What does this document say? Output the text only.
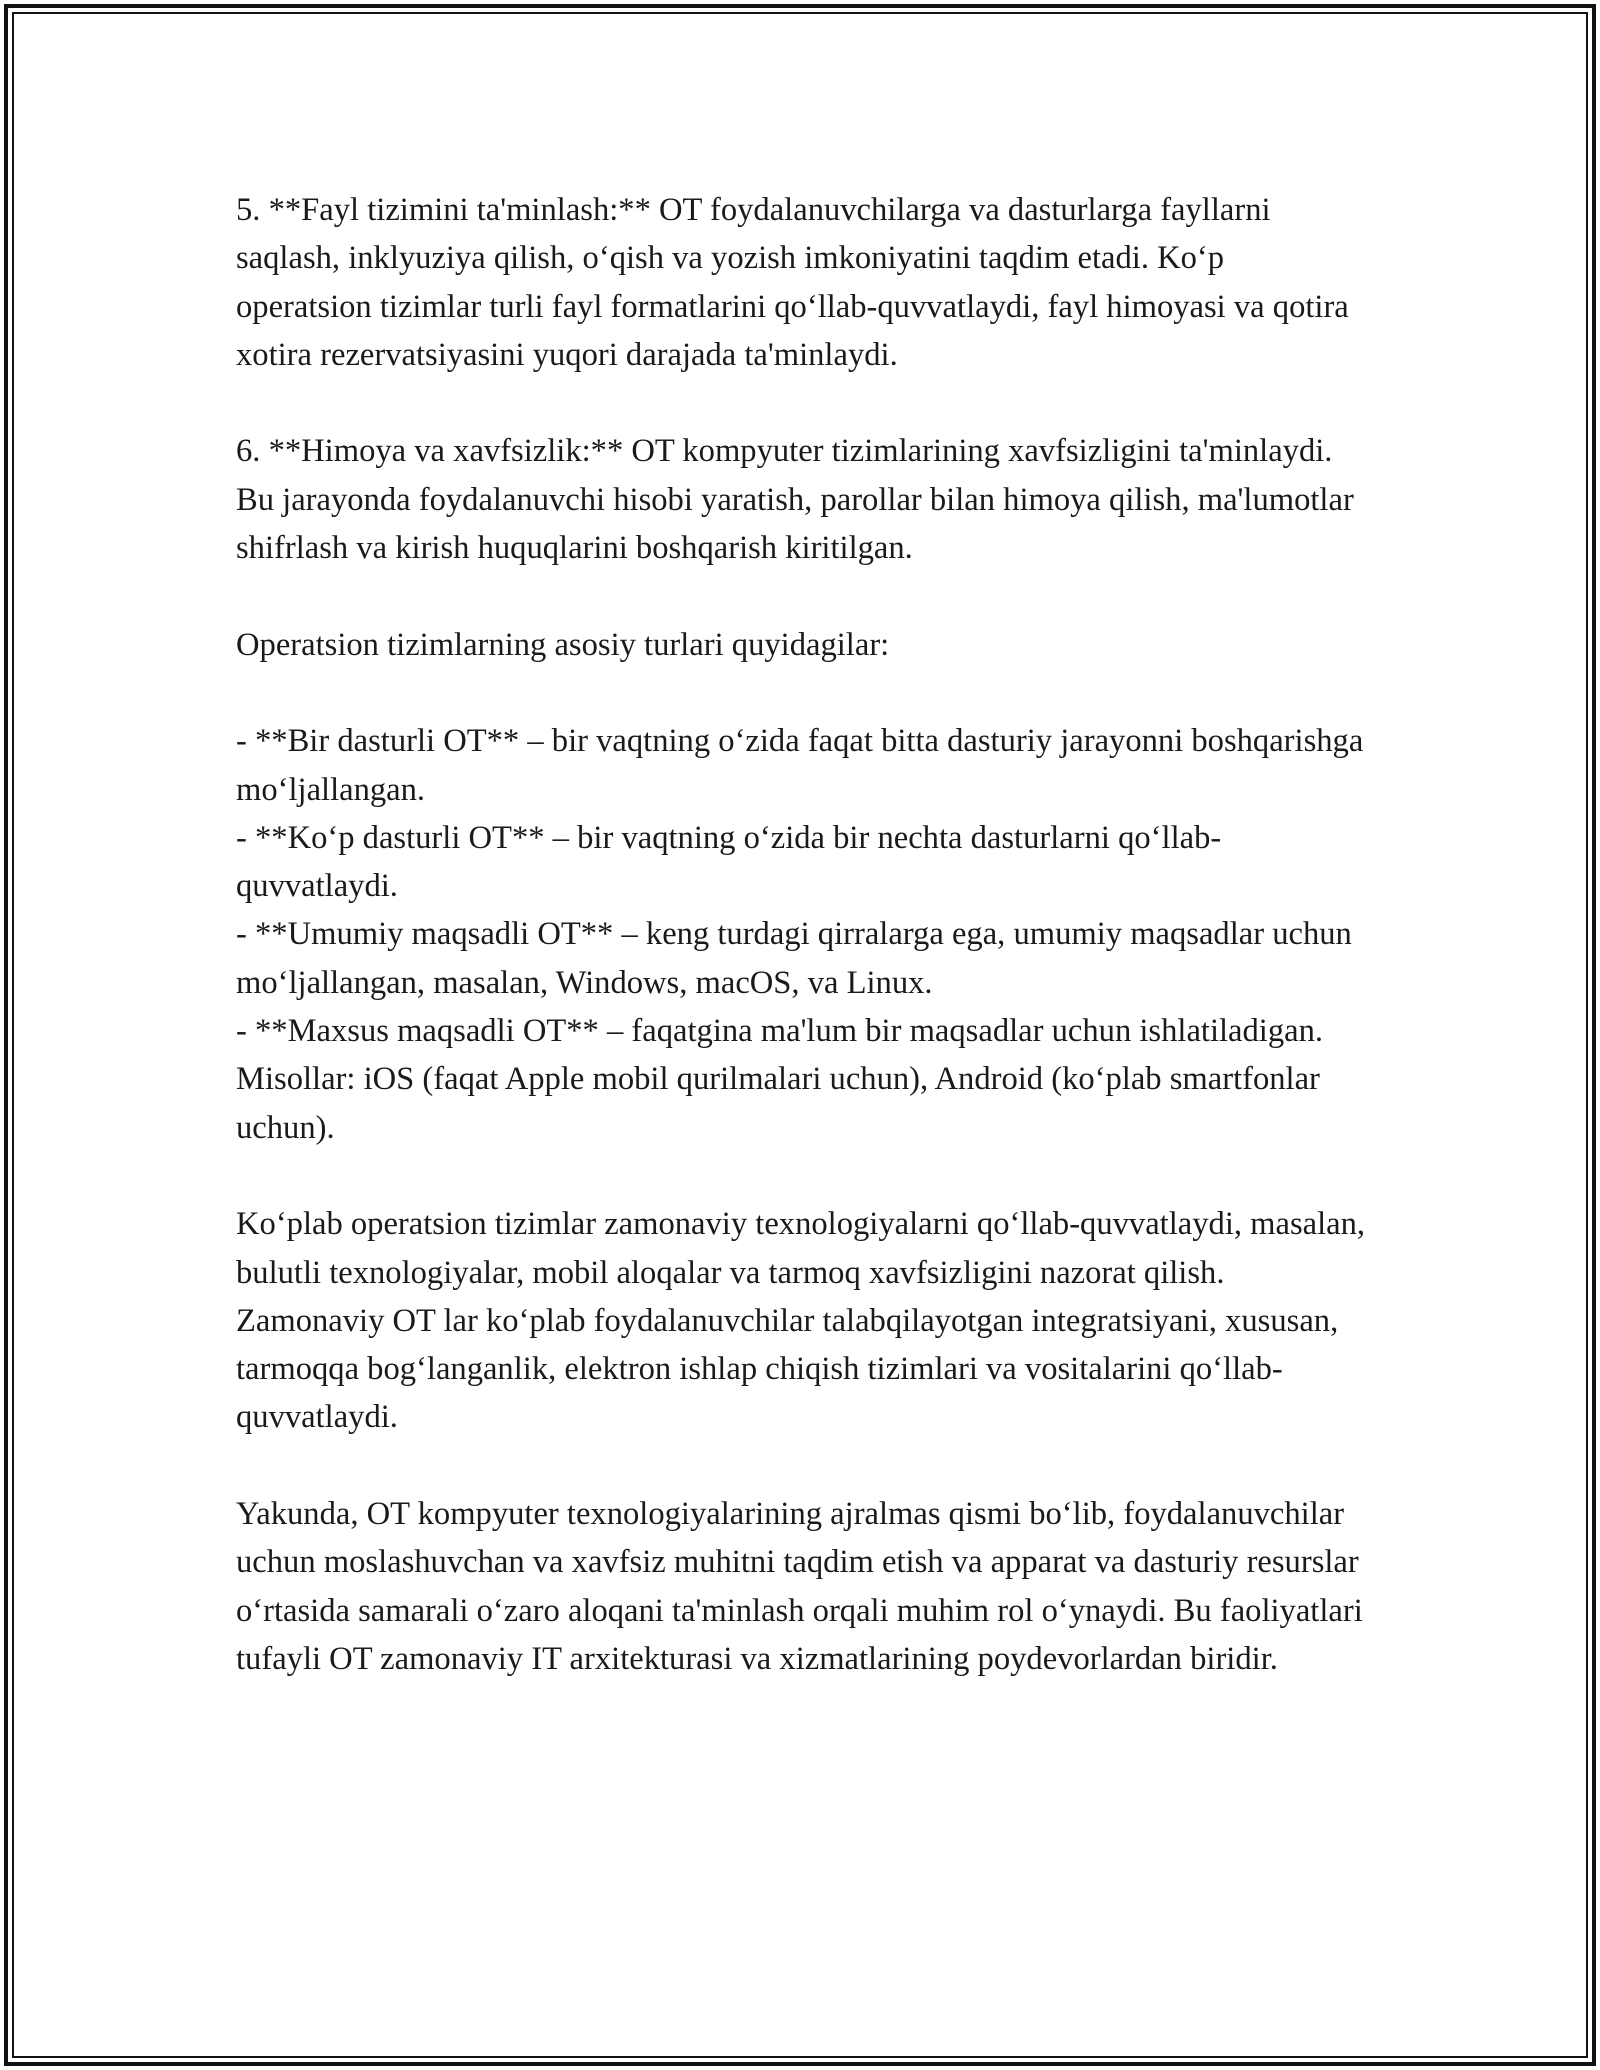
5. **Fayl tizimini ta'minlash:** OT foydalanuvchilarga va dasturlarga fayllarni saqlash, inklyuziya qilish, o‘qish va yozish imkoniyatini taqdim etadi. Ko‘p operatsion tizimlar turli fayl formatlarini qo‘llab-quvvatlaydi, fayl himoyasi va qotira xotira rezervatsiyasini yuqori darajada ta'minlaydi.

6. **Himoya va xavfsizlik:** OT kompyuter tizimlarining xavfsizligini ta'minlaydi. Bu jarayonda foydalanuvchi hisobi yaratish, parollar bilan himoya qilish, ma'lumotlar shifrlash va kirish huquqlarini boshqarish kiritilgan.

Operatsion tizimlarning asosiy turlari quyidagilar:

- **Bir dasturli OT** – bir vaqtning o‘zida faqat bitta dasturiy jarayonni boshqarishga mo‘ljallangan.

- **Ko‘p dasturli OT** – bir vaqtning o‘zida bir nechta dasturlarni qo‘llab-quvvatlaydi.

- **Umumiy maqsadli OT** – keng turdagi qirralarga ega, umumiy maqsadlar uchun mo‘ljallangan, masalan, Windows, macOS, va Linux.

- **Maxsus maqsadli OT** – faqatgina ma'lum bir maqsadlar uchun ishlatiladigan. Misollar: iOS (faqat Apple mobil qurilmalari uchun), Android (ko‘plab smartfonlar uchun).

Ko‘plab operatsion tizimlar zamonaviy texnologiyalarni qo‘llab-quvvatlaydi, masalan, bulutli texnologiyalar, mobil aloqalar va tarmoq xavfsizligini nazorat qilish. Zamonaviy OT lar ko‘plab foydalanuvchilar talabqilayotgan integratsiyani, xususan, tarmoqqa bog‘langanlik, elektron ishlap chiqish tizimlari va vositalarini qo‘llab-quvvatlaydi.

Yakunda, OT kompyuter texnologiyalarining ajralmas qismi bo‘lib, foydalanuvchilar uchun moslashuvchan va xavfsiz muhitni taqdim etish va apparat va dasturiy resurslar o‘rtasida samarali o‘zaro aloqani ta'minlash orqali muhim rol o‘ynaydi. Bu faoliyatlari tufayli OT zamonaviy IT arxitekturasi va xizmatlarining poydevorlardan biridir.
